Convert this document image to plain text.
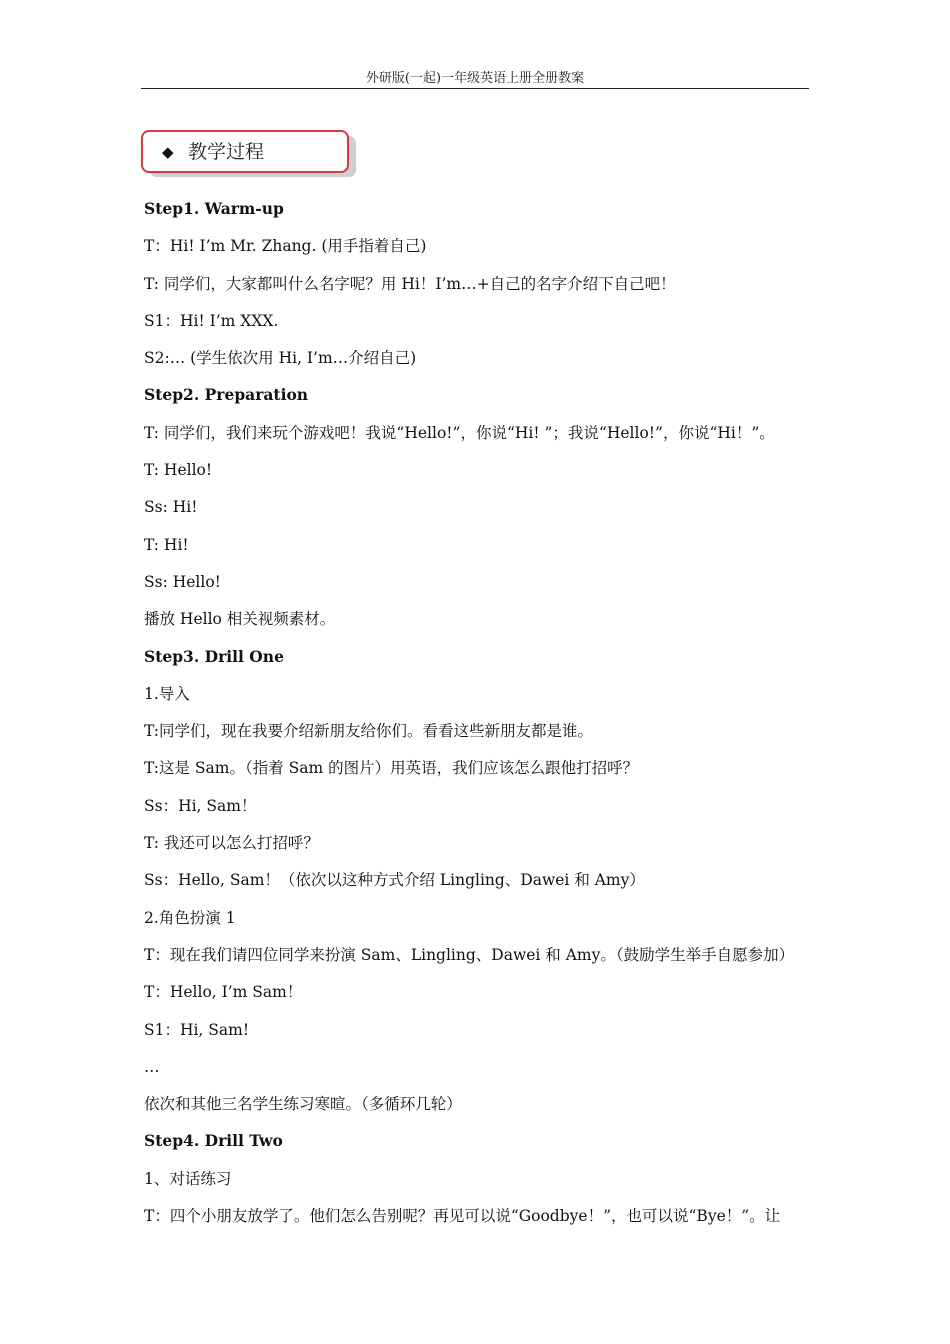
外研版(一起)一年级英语上册全册教案
◆ 教学过程
Step1. Warm-up
T：Hi! I’m Mr. Zhang. (用手指着自己)
T: 同学们，大家都叫什么名字呢？用 Hi！I’m…+自己的名字介绍下自己吧！
S1：Hi! I’m XXX.
S2:… (学生依次用 Hi, I’m…介绍自己)
Step2. Preparation
T: 同学们，我们来玩个游戏吧！我说“Hello!”，你说“Hi! ”；我说“Hello!”，你说“Hi！”。
T: Hello!
Ss: Hi!
T: Hi!
Ss: Hello!
播放 Hello 相关视频素材。
Step3. Drill One
1.导入
T:同学们，现在我要介绍新朋友给你们。看看这些新朋友都是谁。
T:这是 Sam。（指着 Sam 的图片）用英语，我们应该怎么跟他打招呼？
Ss：Hi, Sam！
T: 我还可以怎么打招呼？
Ss：Hello, Sam！（依次以这种方式介绍 Lingling、Dawei 和 Amy）
2.角色扮演 1
T：现在我们请四位同学来扮演 Sam、Lingling、Dawei 和 Amy。（鼓励学生举手自愿参加）
T：Hello, I’m Sam！
S1：Hi, Sam!
…
依次和其他三名学生练习寒暄。（多循环几轮）
Step4. Drill Two
1、对话练习
T：四个小朋友放学了。他们怎么告别呢？再见可以说“Goodbye！”，也可以说“Bye！”。让
